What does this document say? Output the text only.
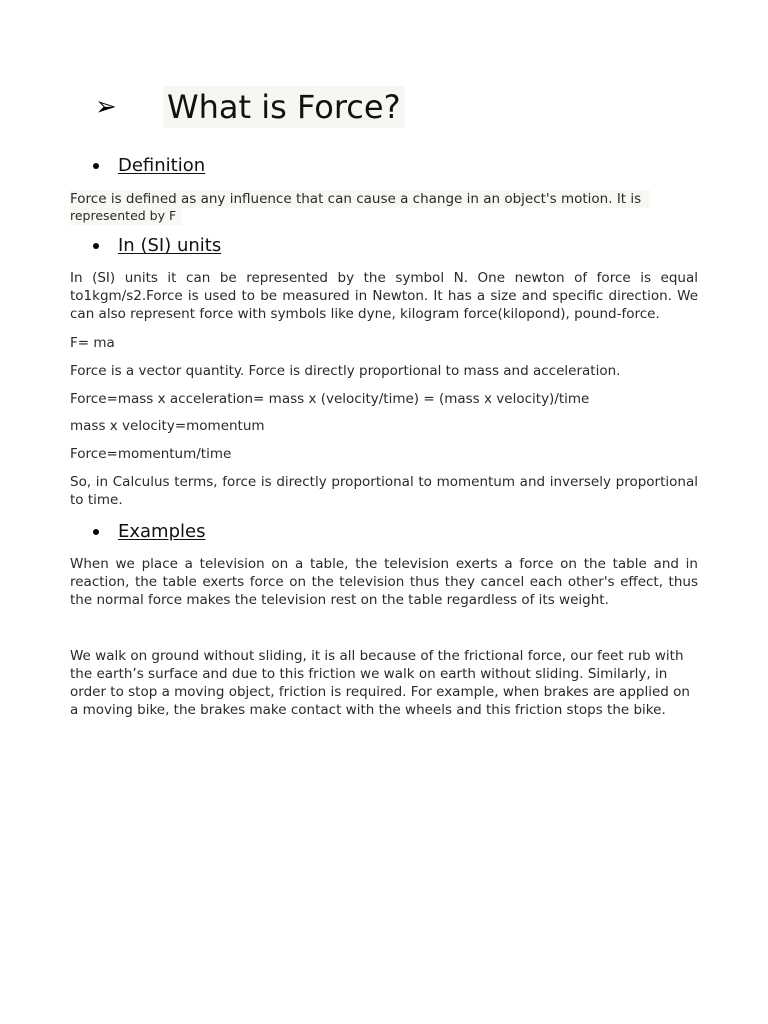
➢	What is Force?
Definition
Force is defined as any influence that can cause a change in an object's motion. It is
represented by F
In (SI) units
In (SI) units it can be represented by the symbol N. One newton of force is equal to1kgm/s2.Force is used to be measured in Newton. It has a size and specific direction. We can also represent force with symbols like dyne, kilogram force(kilopond), pound-force.
F= ma
Force is a vector quantity. Force is directly proportional to mass and acceleration.
Force=mass x acceleration= mass x (velocity/time) = (mass x velocity)/time
mass x velocity=momentum
Force=momentum/time
So, in Calculus terms, force is directly proportional to momentum and inversely proportional to time.
Examples
When we place a television on a table, the television exerts a force on the table and in reaction, the table exerts force on the television thus they cancel each other's effect, thus the normal force makes the television rest on the table regardless of its weight.
We walk on ground without sliding, it is all because of the frictional force, our feet rub with
the earth’s surface and due to this friction we walk on earth without sliding. Similarly, in
order to stop a moving object, friction is required. For example, when brakes are applied on
a moving bike, the brakes make contact with the wheels and this friction stops the bike.
